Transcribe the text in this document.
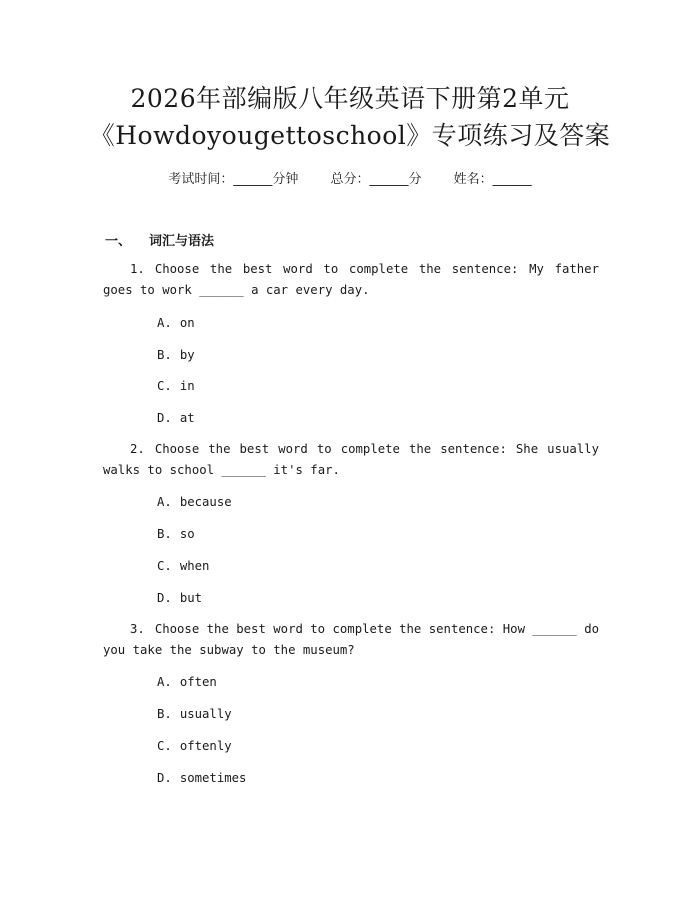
2026年部编版八年级英语下册第2单元
《Howdoyougettoschool》专项练习及答案
考试时间：______分钟 总分：______分 姓名：______
一、 词汇与语法
1. Choose the best word to complete the sentence: My father goes to work ______ a car every day.
A. on
B. by
C. in
D. at
2. Choose the best word to complete the sentence: She usually walks to school ______ it's far.
A. because
B. so
C. when
D. but
3. Choose the best word to complete the sentence: How ______ do you take the subway to the museum?
A. often
B. usually
C. oftenly
D. sometimes
